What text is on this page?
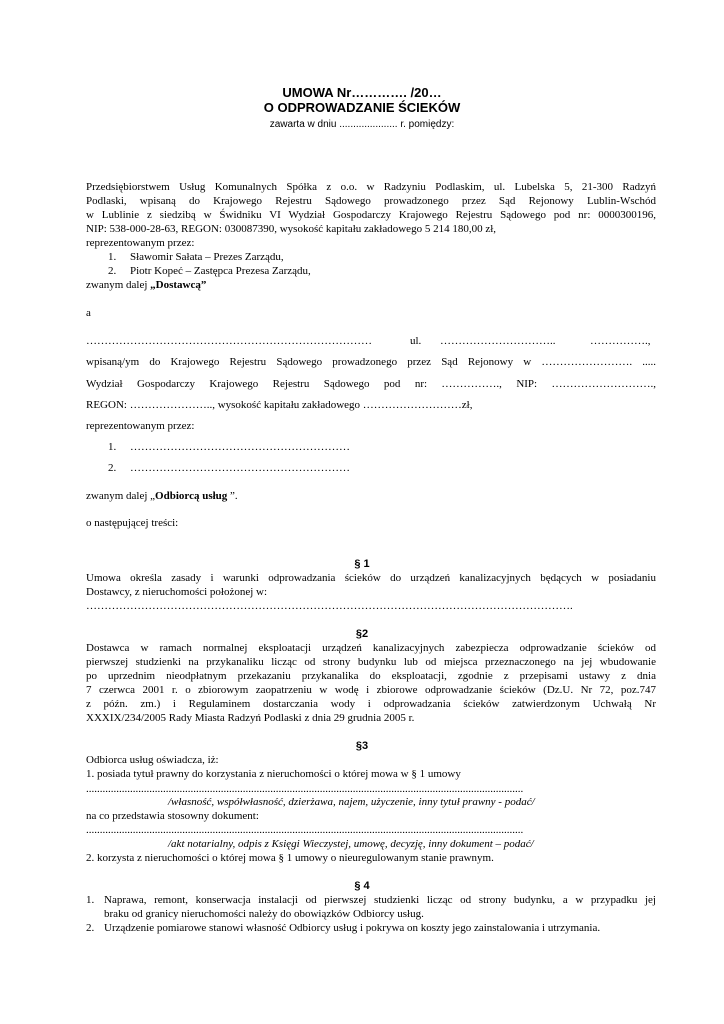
UMOWA Nr…………. /20…
O ODPROWADZANIE ŚCIEKÓW
zawarta w dniu ..................... r. pomiędzy:
Przedsiębiorstwem Usług Komunalnych Spółka z o.o. w Radzyniu Podlaskim, ul. Lubelska 5, 21-300 Radzyń
Podlaski, wpisaną do Krajowego Rejestru Sądowego prowadzonego przez Sąd Rejonowy Lublin-Wschód
w Lublinie z siedzibą w Świdniku VI Wydział Gospodarczy Krajowego Rejestru Sądowego pod nr: 0000300196,
NIP: 538-000-28-63, REGON: 030087390, wysokość kapitału zakładowego 5 214 180,00 zł,
reprezentowanym przez:
1. Sławomir Sałata – Prezes Zarządu,
2. Piotr Kopeć – Zastępca Prezesa Zarządu,
zwanym dalej „Dostawcą”
a
……………………………………………………………………	ul. …………………………..	…………….,
wpisaną/ym do Krajowego Rejestru Sądowego prowadzonego przez Sąd Rejonowy w ……………………. .....
Wydział Gospodarczy Krajowego Rejestru Sądowego pod nr: ……………., NIP: ……………………….,
REGON: ………………….., wysokość kapitału zakładowego ………………………zł,
reprezentowanym przez:
1. ……………………………………………………
2. ……………………………………………………
zwanym dalej „Odbiorcą usług ”.
o następującej treści:
§ 1
Umowa określa zasady i warunki odprowadzania ścieków do urządzeń kanalizacyjnych będących w posiadaniu
Dostawcy, z nieruchomości położonej w:
…………………………………………………………………………………………………………………….
§2
Dostawca w ramach normalnej eksploatacji urządzeń kanalizacyjnych zabezpiecza odprowadzanie ścieków od
pierwszej studzienki na przykanaliku licząc od strony budynku lub od miejsca przeznaczonego na jej wbudowanie
po uprzednim nieodpłatnym przekazaniu przykanalika do eksploatacji, zgodnie z przepisami ustawy z dnia
7 czerwca 2001 r. o zbiorowym zaopatrzeniu w wodę i zbiorowe odprowadzanie ścieków (Dz.U. Nr 72, poz.747
z późn. zm.) i Regulaminem dostarczania wody i odprowadzania ścieków zatwierdzonym Uchwałą Nr
XXXIX/234/2005 Rady Miasta Radzyń Podlaski z dnia 29 grudnia 2005 r.
§3
Odbiorca usług oświadcza, iż:
1. posiada tytuł prawny do korzystania z nieruchomości o której mowa w § 1 umowy
...............................................................................................................................................................
/własność, współwłasność, dzierżawa, najem, użyczenie, inny tytuł prawny - podać/
na co przedstawia stosowny dokument:
...............................................................................................................................................................
/akt notarialny, odpis z Księgi Wieczystej, umowę, decyzję, inny dokument – podać/
2. korzysta z nieruchomości o której mowa § 1 umowy o nieuregulowanym stanie prawnym.
§ 4
1. Naprawa, remont, konserwacja instalacji od pierwszej studzienki licząc od strony budynku, a w przypadku jej
braku od granicy nieruchomości należy do obowiązków Odbiorcy usług.
2. Urządzenie pomiarowe stanowi własność Odbiorcy usług i pokrywa on koszty jego zainstalowania i utrzymania.
